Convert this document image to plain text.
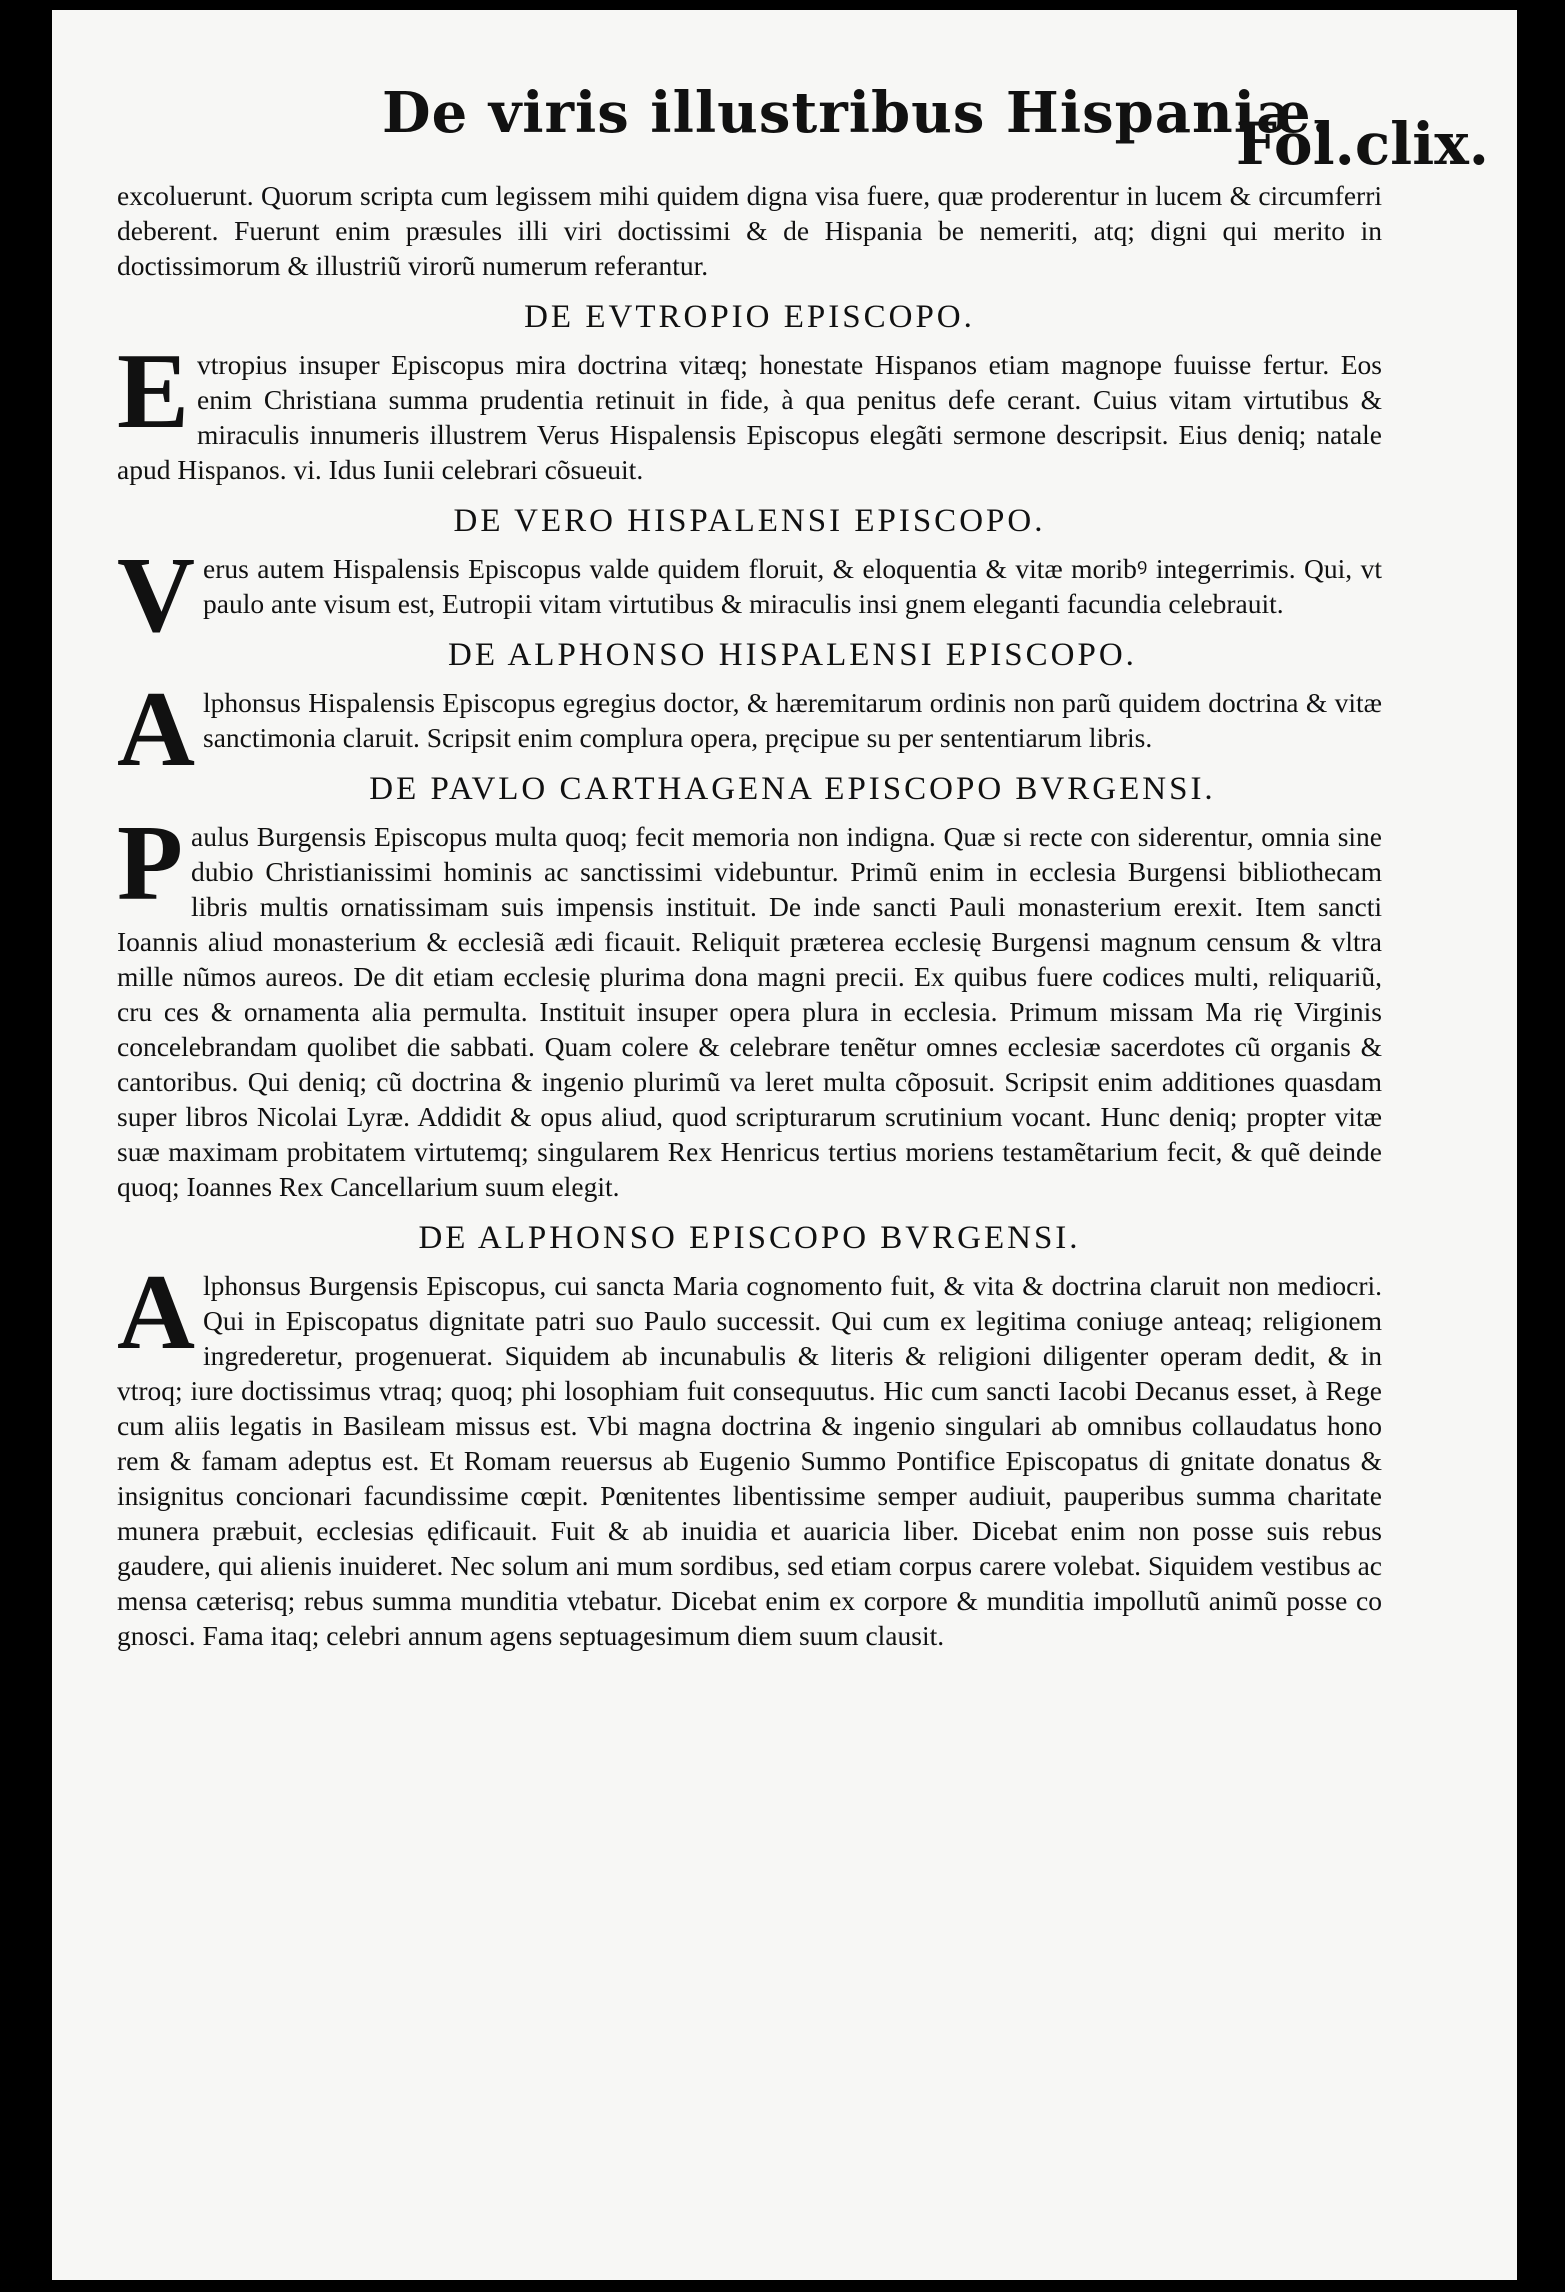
De viris illustribus Hispaniæ.
Fol.clix.

excoluerunt. Quorum scripta cum legissem mihi quidem digna visa fuere, quæ proderentur in lucem & circumferri deberent. Fuerunt enim præsules illi viri doctissimi & de Hispania be nemeriti, atq; digni qui merito in doctissimorum & illustriũ virorũ numerum referantur.

DE EVTROPIO EPISCOPO.

Evtropius insuper Episcopus mira doctrina vitæq; honestate Hispanos etiam magnope fuuisse fertur. Eos enim Christiana summa prudentia retinuit in fide, à qua penitus defe cerant. Cuius vitam virtutibus & miraculis innumeris illustrem Verus Hispalensis Episcopus elegãti sermone descripsit. Eius deniq; natale apud Hispanos. vi. Idus Iunii celebrari cõsueuit.

DE VERO HISPALENSI EPISCOPO.

Verus autem Hispalensis Episcopus valde quidem floruit, & eloquentia & vitæ moribꝰ integerrimis. Qui, vt paulo ante visum est, Eutropii vitam virtutibus & miraculis insi gnem eleganti facundia celebrauit.

DE ALPHONSO HISPALENSI EPISCOPO.

Alphonsus Hispalensis Episcopus egregius doctor, & hæremitarum ordinis non parũ quidem doctrina & vitæ sanctimonia claruit. Scripsit enim complura opera, pręcipue su per sententiarum libris.

DE PAVLO CARTHAGENA EPISCOPO BVRGENSI.

Paulus Burgensis Episcopus multa quoq; fecit memoria non indigna. Quæ si recte con siderentur, omnia sine dubio Christianissimi hominis ac sanctissimi videbuntur. Primũ enim in ecclesia Burgensi bibliothecam libris multis ornatissimam suis impensis instituit. De inde sancti Pauli monasterium erexit. Item sancti Ioannis aliud monasterium & ecclesiã ædi ficauit. Reliquit præterea ecclesię Burgensi magnum censum & vltra mille nũmos aureos. De dit etiam ecclesię plurima dona magni precii. Ex quibus fuere codices multi, reliquariũ, cru ces & ornamenta alia permulta. Instituit insuper opera plura in ecclesia. Primum missam Ma rię Virginis concelebrandam quolibet die sabbati. Quam colere & celebrare tenẽtur omnes ecclesiæ sacerdotes cũ organis & cantoribus. Qui deniq; cũ doctrina & ingenio plurimũ va leret multa cõposuit. Scripsit enim additiones quasdam super libros Nicolai Lyræ. Addidit & opus aliud, quod scripturarum scrutinium vocant. Hunc deniq; propter vitæ suæ maximam probitatem virtutemq; singularem Rex Henricus tertius moriens testamẽtarium fecit, & quẽ deinde quoq; Ioannes Rex Cancellarium suum elegit.

DE ALPHONSO EPISCOPO BVRGENSI.

Alphonsus Burgensis Episcopus, cui sancta Maria cognomento fuit, & vita & doctrina claruit non mediocri. Qui in Episcopatus dignitate patri suo Paulo successit. Qui cum ex legitima coniuge anteaq; religionem ingrederetur, progenuerat. Siquidem ab incunabulis & literis & religioni diligenter operam dedit, & in vtroq; iure doctissimus vtraq; quoq; phi losophiam fuit consequutus. Hic cum sancti Iacobi Decanus esset, à Rege cum aliis legatis in Basileam missus est. Vbi magna doctrina & ingenio singulari ab omnibus collaudatus hono rem & famam adeptus est. Et Romam reuersus ab Eugenio Summo Pontifice Episcopatus di gnitate donatus & insignitus concionari facundissime cœpit. Pœnitentes libentissime semper audiuit, pauperibus summa charitate munera præbuit, ecclesias ędificauit. Fuit & ab inuidia et auaricia liber. Dicebat enim non posse suis rebus gaudere, qui alienis inuideret. Nec solum ani mum sordibus, sed etiam corpus carere volebat. Siquidem vestibus ac mensa cæterisq; rebus summa munditia vtebatur. Dicebat enim ex corpore & munditia impollutũ animũ posse co gnosci. Fama itaq; celebri annum agens septuagesimum diem suum clausit.
